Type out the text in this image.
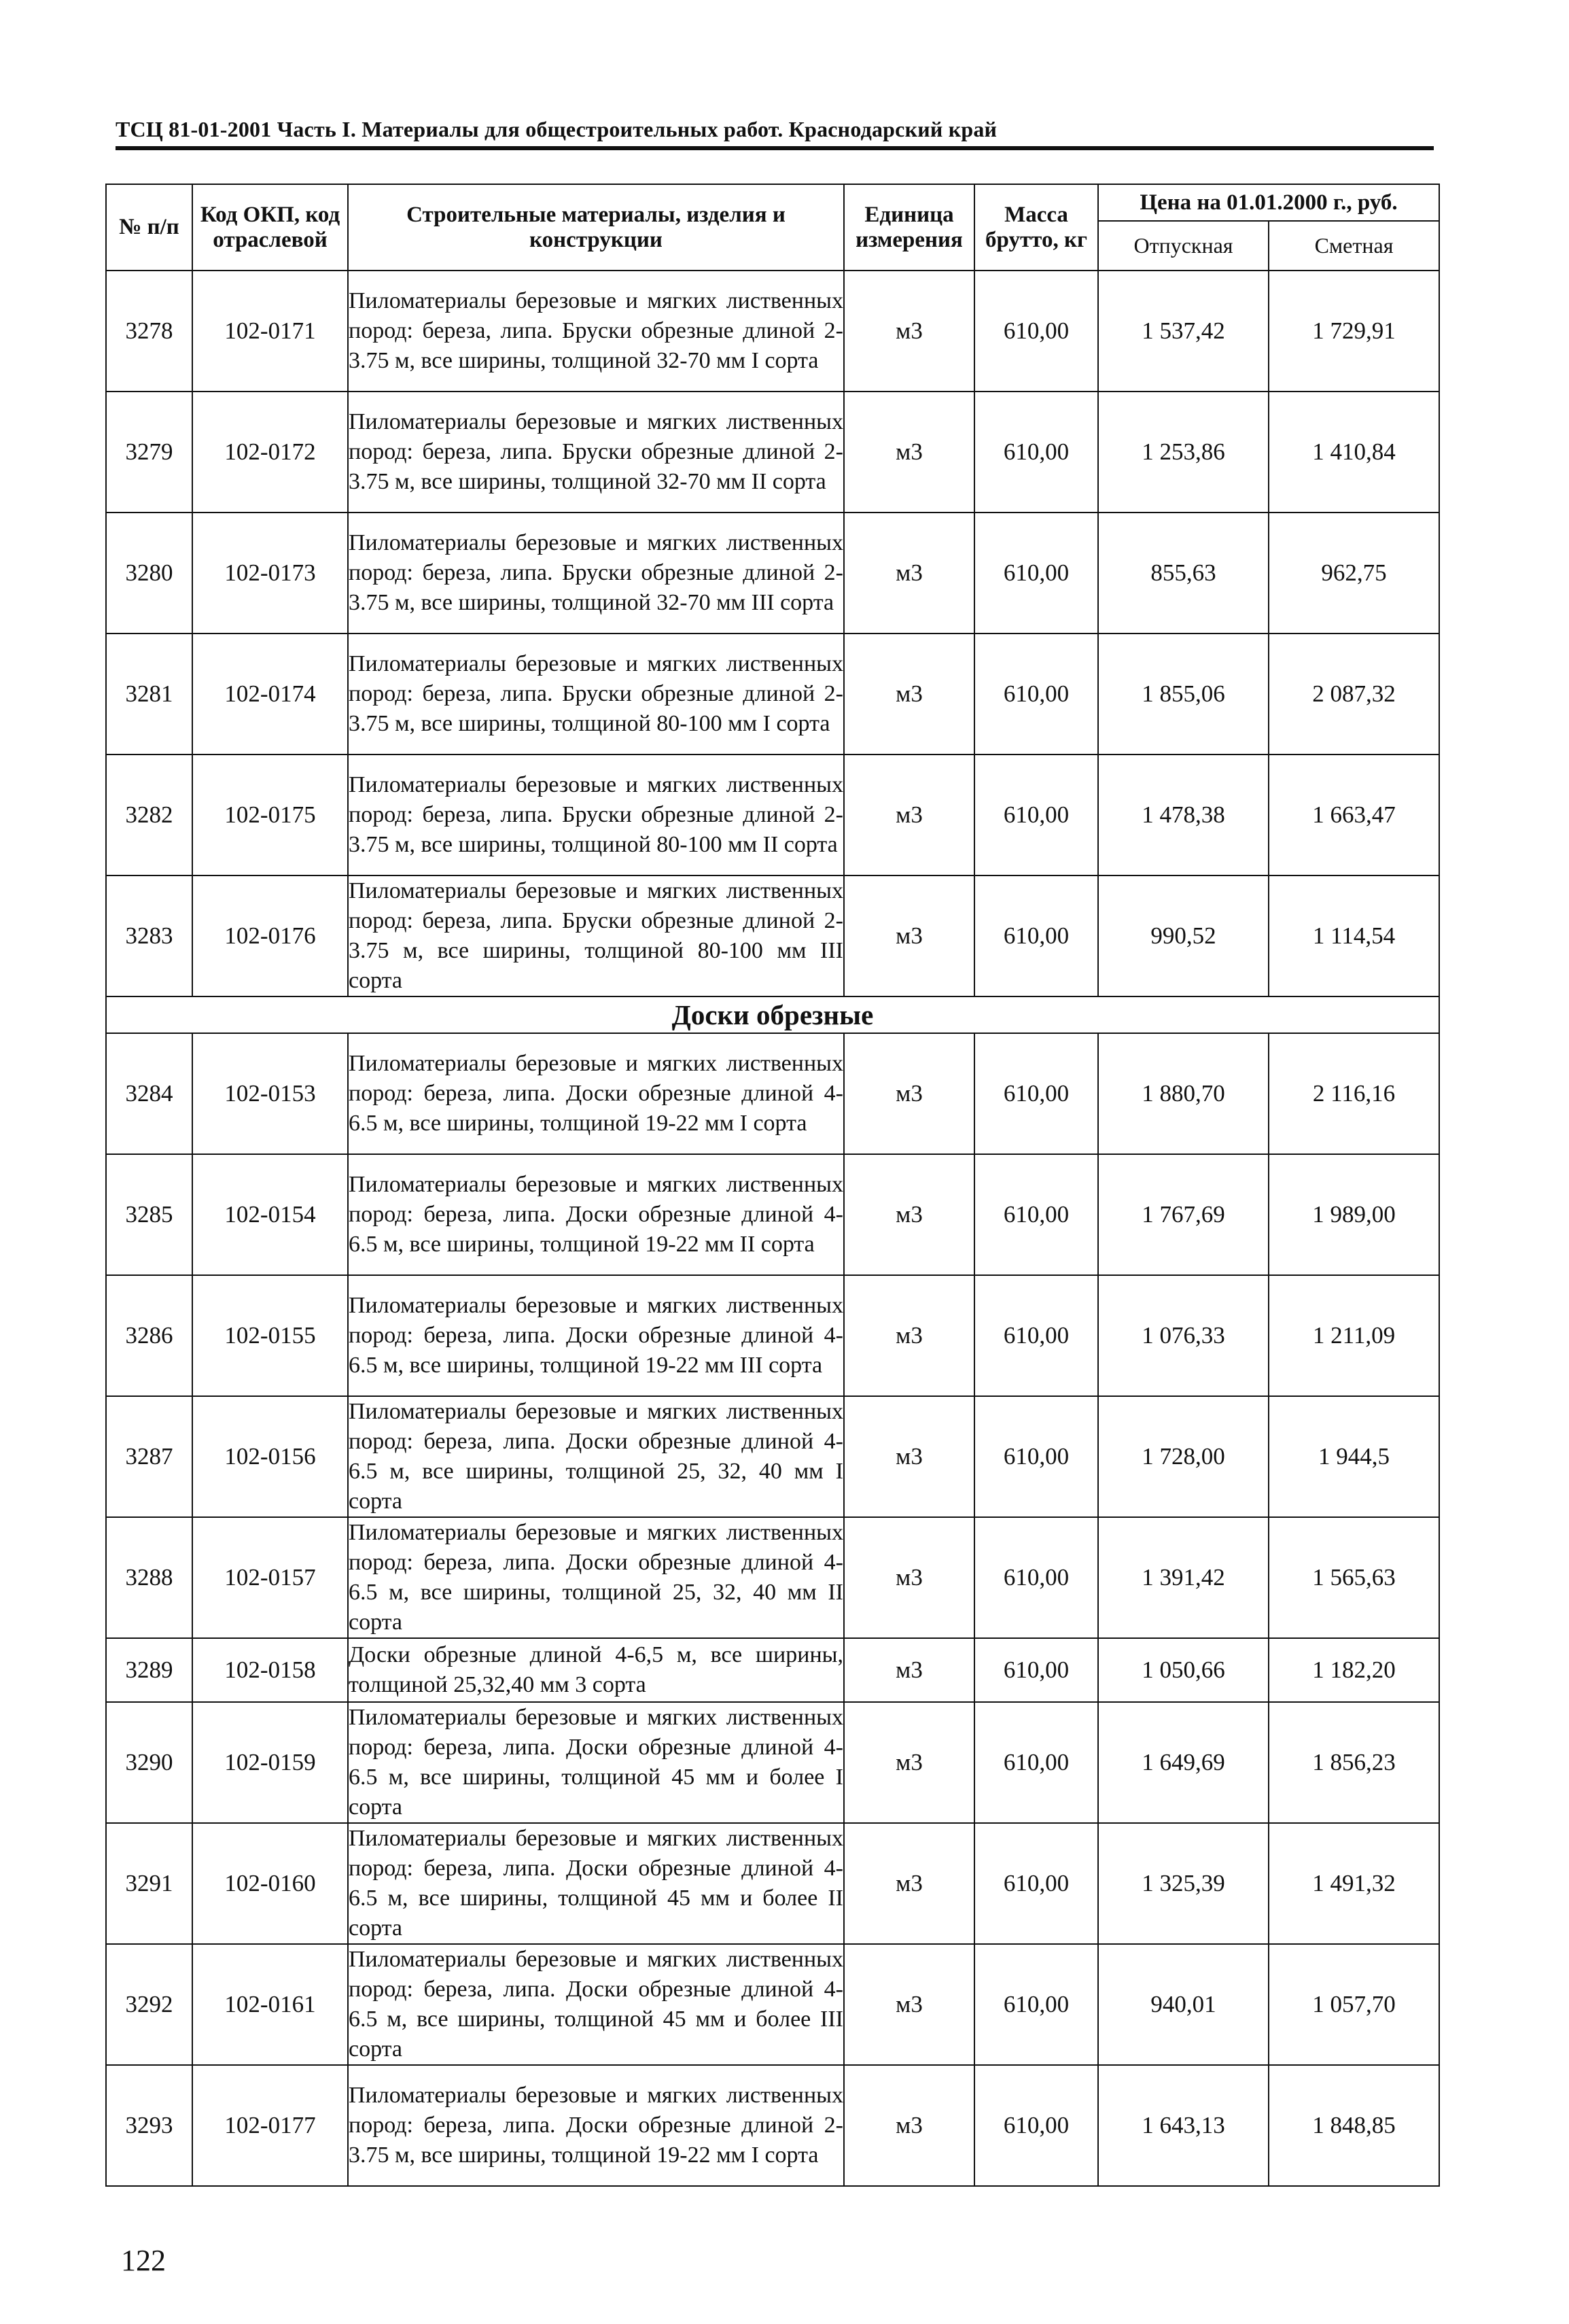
ТСЦ 81-01-2001 Часть I. Материалы для общестроительных работ. Краснодарский край
№ п/п	Код ОКП, код отраслевой	Строительные материалы, изделия и конструкции	Единица измерения	Масса брутто, кг	Цена на 01.01.2000 г., руб.	
					Отпускная	Сметная
3278	102-0171	Пиломатериалы березовые и мягких лиственных пород: береза, липа. Бруски обрезные длиной 2-3.75 м, все ширины, толщиной 32-70 мм I сорта	м3	610,00	1 537,42	1 729,91
3279	102-0172	Пиломатериалы березовые и мягких лиственных пород: береза, липа. Бруски обрезные длиной 2-3.75 м, все ширины, толщиной 32-70 мм II сорта	м3	610,00	1 253,86	1 410,84
3280	102-0173	Пиломатериалы березовые и мягких лиственных пород: береза, липа. Бруски обрезные длиной 2-3.75 м, все ширины, толщиной 32-70 мм III сорта	м3	610,00	855,63	962,75
3281	102-0174	Пиломатериалы березовые и мягких лиственных пород: береза, липа. Бруски обрезные длиной 2-3.75 м, все ширины, толщиной 80-100 мм I сорта	м3	610,00	1 855,06	2 087,32
3282	102-0175	Пиломатериалы березовые и мягких лиственных пород: береза, липа. Бруски обрезные длиной 2-3.75 м, все ширины, толщиной 80-100 мм II сорта	м3	610,00	1 478,38	1 663,47
3283	102-0176	Пиломатериалы березовые и мягких лиственных пород: береза, липа. Бруски обрезные длиной 2-3.75 м, все ширины, толщиной 80-100 мм III сорта	м3	610,00	990,52	1 114,54
Доски обрезные						
3284	102-0153	Пиломатериалы березовые и мягких лиственных пород: береза, липа. Доски обрезные длиной 4-6.5 м, все ширины, толщиной 19-22 мм I сорта	м3	610,00	1 880,70	2 116,16
3285	102-0154	Пиломатериалы березовые и мягких лиственных пород: береза, липа. Доски обрезные длиной 4-6.5 м, все ширины, толщиной 19-22 мм II сорта	м3	610,00	1 767,69	1 989,00
3286	102-0155	Пиломатериалы березовые и мягких лиственных пород: береза, липа. Доски обрезные длиной 4-6.5 м, все ширины, толщиной 19-22 мм III сорта	м3	610,00	1 076,33	1 211,09
3287	102-0156	Пиломатериалы березовые и мягких лиственных пород: береза, липа. Доски обрезные длиной 4-6.5 м, все ширины, толщиной 25, 32, 40 мм I сорта	м3	610,00	1 728,00	1 944,5
3288	102-0157	Пиломатериалы березовые и мягких лиственных пород: береза, липа. Доски обрезные длиной 4-6.5 м, все ширины, толщиной 25, 32, 40 мм II сорта	м3	610,00	1 391,42	1 565,63
3289	102-0158	Доски обрезные длиной 4-6,5 м, все ширины, толщиной 25,32,40 мм 3 сорта	м3	610,00	1 050,66	1 182,20
3290	102-0159	Пиломатериалы березовые и мягких лиственных пород: береза, липа. Доски обрезные длиной 4-6.5 м, все ширины, толщиной 45 мм и более I сорта	м3	610,00	1 649,69	1 856,23
3291	102-0160	Пиломатериалы березовые и мягких лиственных пород: береза, липа. Доски обрезные длиной 4-6.5 м, все ширины, толщиной 45 мм и более II сорта	м3	610,00	1 325,39	1 491,32
3292	102-0161	Пиломатериалы березовые и мягких лиственных пород: береза, липа. Доски обрезные длиной 4-6.5 м, все ширины, толщиной 45 мм и более III сорта	м3	610,00	940,01	1 057,70
3293	102-0177	Пиломатериалы березовые и мягких лиственных пород: береза, липа. Доски обрезные длиной 2-3.75 м, все ширины, толщиной 19-22 мм I сорта	м3	610,00	1 643,13	1 848,85
122
